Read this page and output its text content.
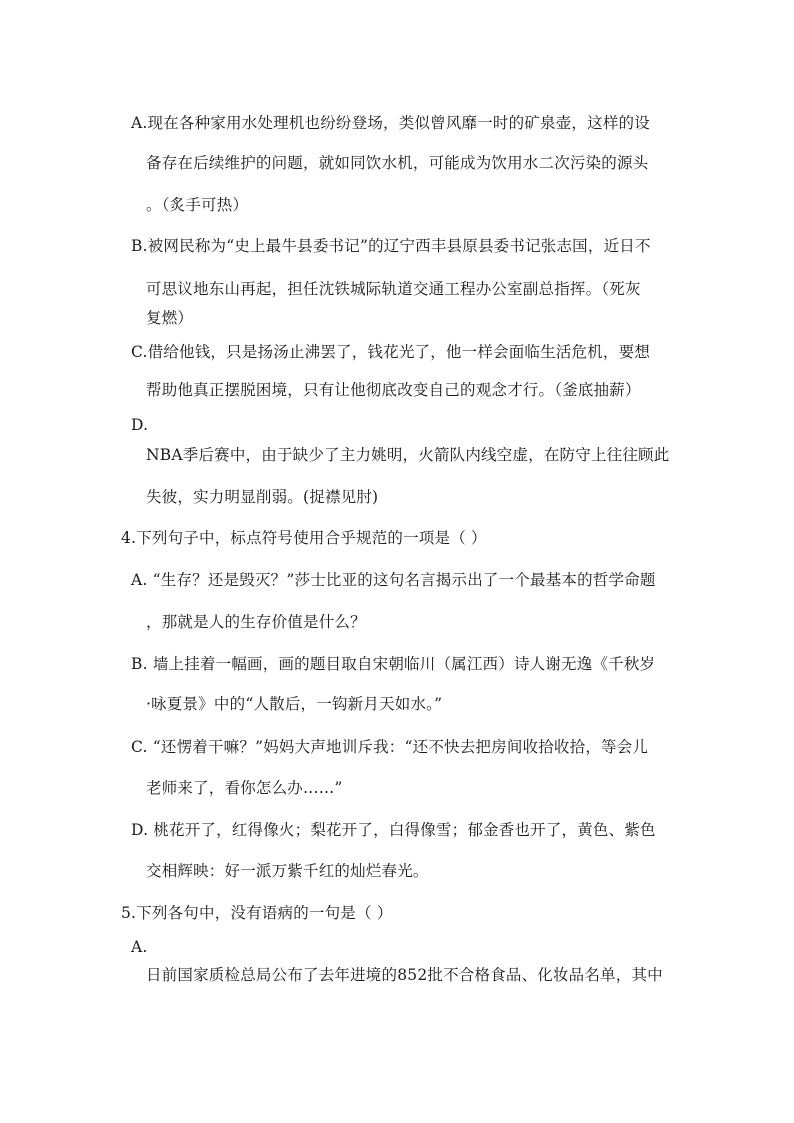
A.现在各种家用水处理机也纷纷登场，类似曾风靡一时的矿泉壶，这样的设
备存在后续维护的问题，就如同饮水机，可能成为饮用水二次污染的源头
。（炙手可热）
B.被网民称为“史上最牛县委书记”的辽宁西丰县原县委书记张志国，近日不
可思议地东山再起，担任沈铁城际轨道交通工程办公室副总指挥。（死灰
复燃）
C.借给他钱，只是扬汤止沸罢了，钱花光了，他一样会面临生活危机，要想
帮助他真正摆脱困境，只有让他彻底改变自己的观念才行。（釜底抽薪）
D.
NBA季后赛中，由于缺少了主力姚明，火箭队内线空虚，在防守上往往顾此
失彼，实力明显削弱。(捉襟见肘)
4.下列句子中，标点符号使用合乎规范的一项是（ ）
A. “生存？还是毁灭？”莎士比亚的这句名言揭示出了一个最基本的哲学命题
，那就是人的生存价值是什么？
B. 墙上挂着一幅画，画的题目取自宋朝临川（属江西）诗人谢无逸《千秋岁
·咏夏景》中的“人散后，一钩新月天如水。”
C. “还愣着干嘛？”妈妈大声地训斥我：“还不快去把房间收拾收拾，等会儿
老师来了，看你怎么办……”
D. 桃花开了，红得像火；梨花开了，白得像雪；郁金香也开了，黄色、紫色
交相辉映：好一派万紫千红的灿烂春光。
5.下列各句中，没有语病的一句是（ ）
A.
日前国家质检总局公布了去年进境的852批不合格食品、化妆品名单，其中
